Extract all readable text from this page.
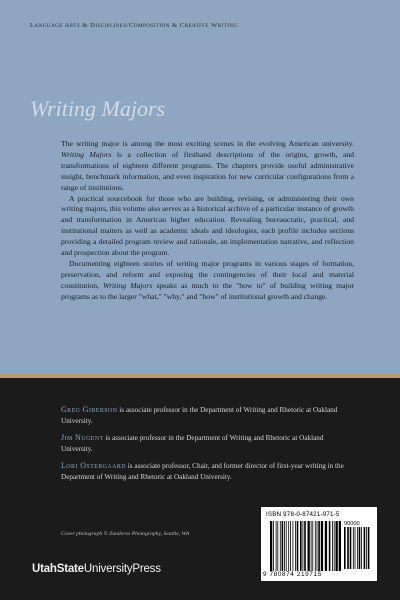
Language Arts & Disciplines/Composition & Creative Writing
Writing Majors

The writing major is among the most exciting scenes in the evolving American university. Writing Majors is a collection of firsthand descriptions of the origins, growth, and transformations of eighteen different programs. The chapters provide useful administrative insight, benchmark information, and even inspiration for new curricular configurations from a range of institutions.

A practical sourcebook for those who are building, revising, or administering their own writing majors, this volume also serves as a historical archive of a particular instance of growth and transformation in American higher education. Revealing bureaucratic, practical, and institutional matters as well as academic ideals and ideologies, each profile includes sections providing a detailed program review and rationale, an implementation narrative, and reflection and prospection about the program.

Documenting eighteen stories of writing major programs in various stages of formation, preservation, and reform and exposing the contingencies of their local and material constitution, Writing Majors speaks as much to the "how to" of building writing major programs as to the larger "what," "why," and "how" of institutional growth and change.

Greg Giberson is associate professor in the Department of Writing and Rhetoric at Oakland University.

Jim Nugent is associate professor in the Department of Writing and Rhetoric at Oakland University.

Lori Ostergaard is associate professor, Chair, and former director of first-year writing in the Department of Writing and Rhetoric at Oakland University.

Cover photograph © Zanderso Photography, Seattle, WA
UtahStateUniversityPress
ISBN 978-0-87421-971-5
90000
9 780874 219715
